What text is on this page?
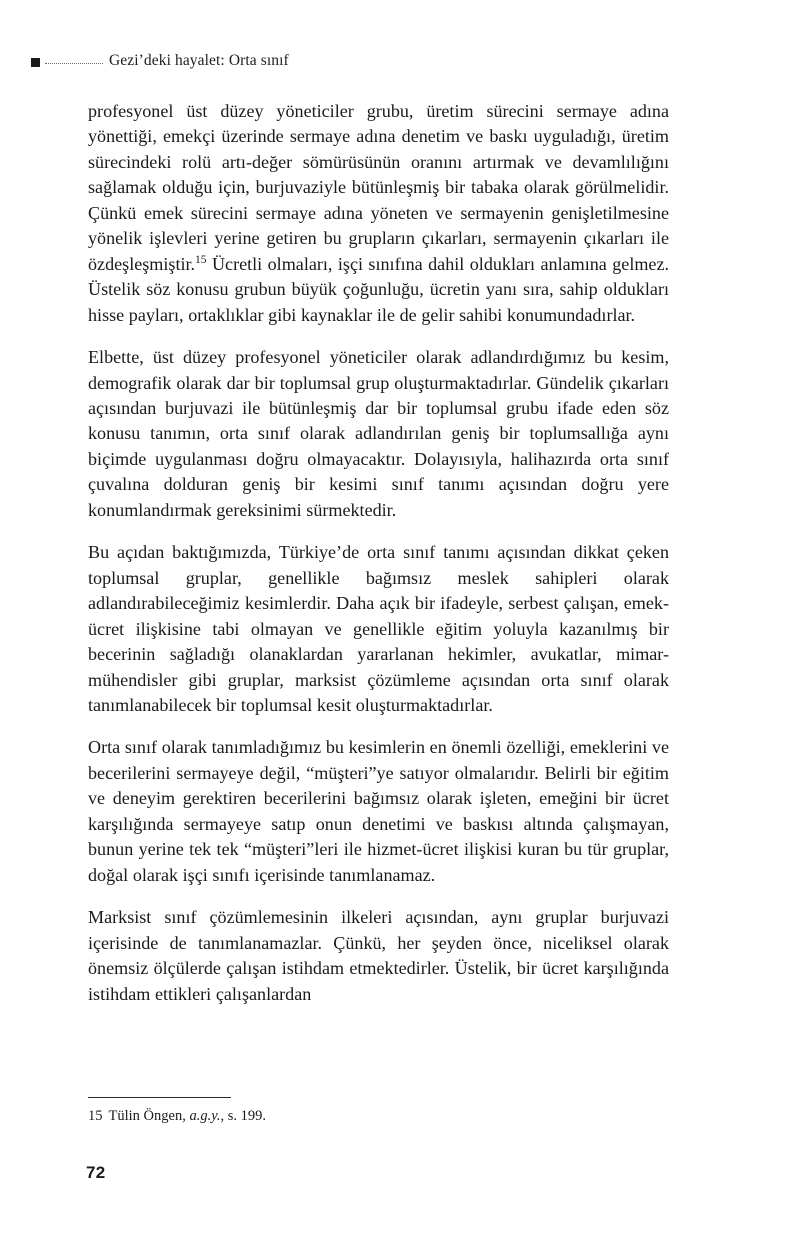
Gezi’deki hayalet: Orta sınıf

profesyonel üst düzey yöneticiler grubu, üretim sürecini sermaye adına yönettiği, emekçi üzerinde sermaye adına denetim ve baskı uyguladığı, üretim sürecindeki rolü artı-değer sömürüsünün oranını artırmak ve devamlılığını sağlamak olduğu için, burjuvaziyle bütünleşmiş bir tabaka olarak görülmelidir. Çünkü emek sürecini sermaye adına yöneten ve sermayenin genişletilmesine yönelik işlevleri yerine getiren bu grupların çıkarları, sermayenin çıkarları ile özdeşleşmiştir.$^{15}$ Ücretli olmaları, işçi sınıfına dahil oldukları anlamına gelmez. Üstelik söz konusu grubun büyük çoğunluğu, ücretin yanı sıra, sahip oldukları hisse payları, ortaklıklar gibi kaynaklar ile de gelir sahibi konumundadırlar.

Elbette, üst düzey profesyonel yöneticiler olarak adlandırdığımız bu kesim, demografik olarak dar bir toplumsal grup oluşturmaktadırlar. Gündelik çıkarları açısından burjuvazi ile bütünleşmiş dar bir toplumsal grubu ifade eden söz konusu tanımın, orta sınıf olarak adlandırılan geniş bir toplumsallığa aynı biçimde uygulanması doğru olmayacaktır. Dolayısıyla, halihazırda orta sınıf çuvalına dolduran geniş bir kesimi sınıf tanımı açısından doğru yere konumlandırmak gereksinimi sürmektedir.

Bu açıdan baktığımızda, Türkiye’de orta sınıf tanımı açısından dikkat çeken toplumsal gruplar, genellikle bağımsız meslek sahipleri olarak adlandırabileceğimiz kesimlerdir. Daha açık bir ifadeyle, serbest çalışan, emek-ücret ilişkisine tabi olmayan ve genellikle eğitim yoluyla kazanılmış bir becerinin sağladığı olanaklardan yararlanan hekimler, avukatlar, mimar-mühendisler gibi gruplar, marksist çözümleme açısından orta sınıf olarak tanımlanabilecek bir toplumsal kesit oluşturmaktadırlar.

Orta sınıf olarak tanımladığımız bu kesimlerin en önemli özelliği, emeklerini ve becerilerini sermayeye değil, “müşteri”ye satıyor olmalarıdır. Belirli bir eğitim ve deneyim gerektiren becerilerini bağımsız olarak işleten, emeğini bir ücret karşılığında sermayeye satıp onun denetimi ve baskısı altında çalışmayan, bunun yerine tek tek “müşteri”leri ile hizmet-ücret ilişkisi kuran bu tür gruplar, doğal olarak işçi sınıfı içerisinde tanımlanamaz.

Marksist sınıf çözümlemesinin ilkeleri açısından, aynı gruplar burjuvazi içerisinde de tanımlanamazlar. Çünkü, her şeyden önce, niceliksel olarak önemsiz ölçülerde çalışan istihdam etmektedirler. Üstelik, bir ücret karşılığında istihdam ettikleri çalışanlardan

15 Tülin Öngen, a.g.y., s. 199.
72
